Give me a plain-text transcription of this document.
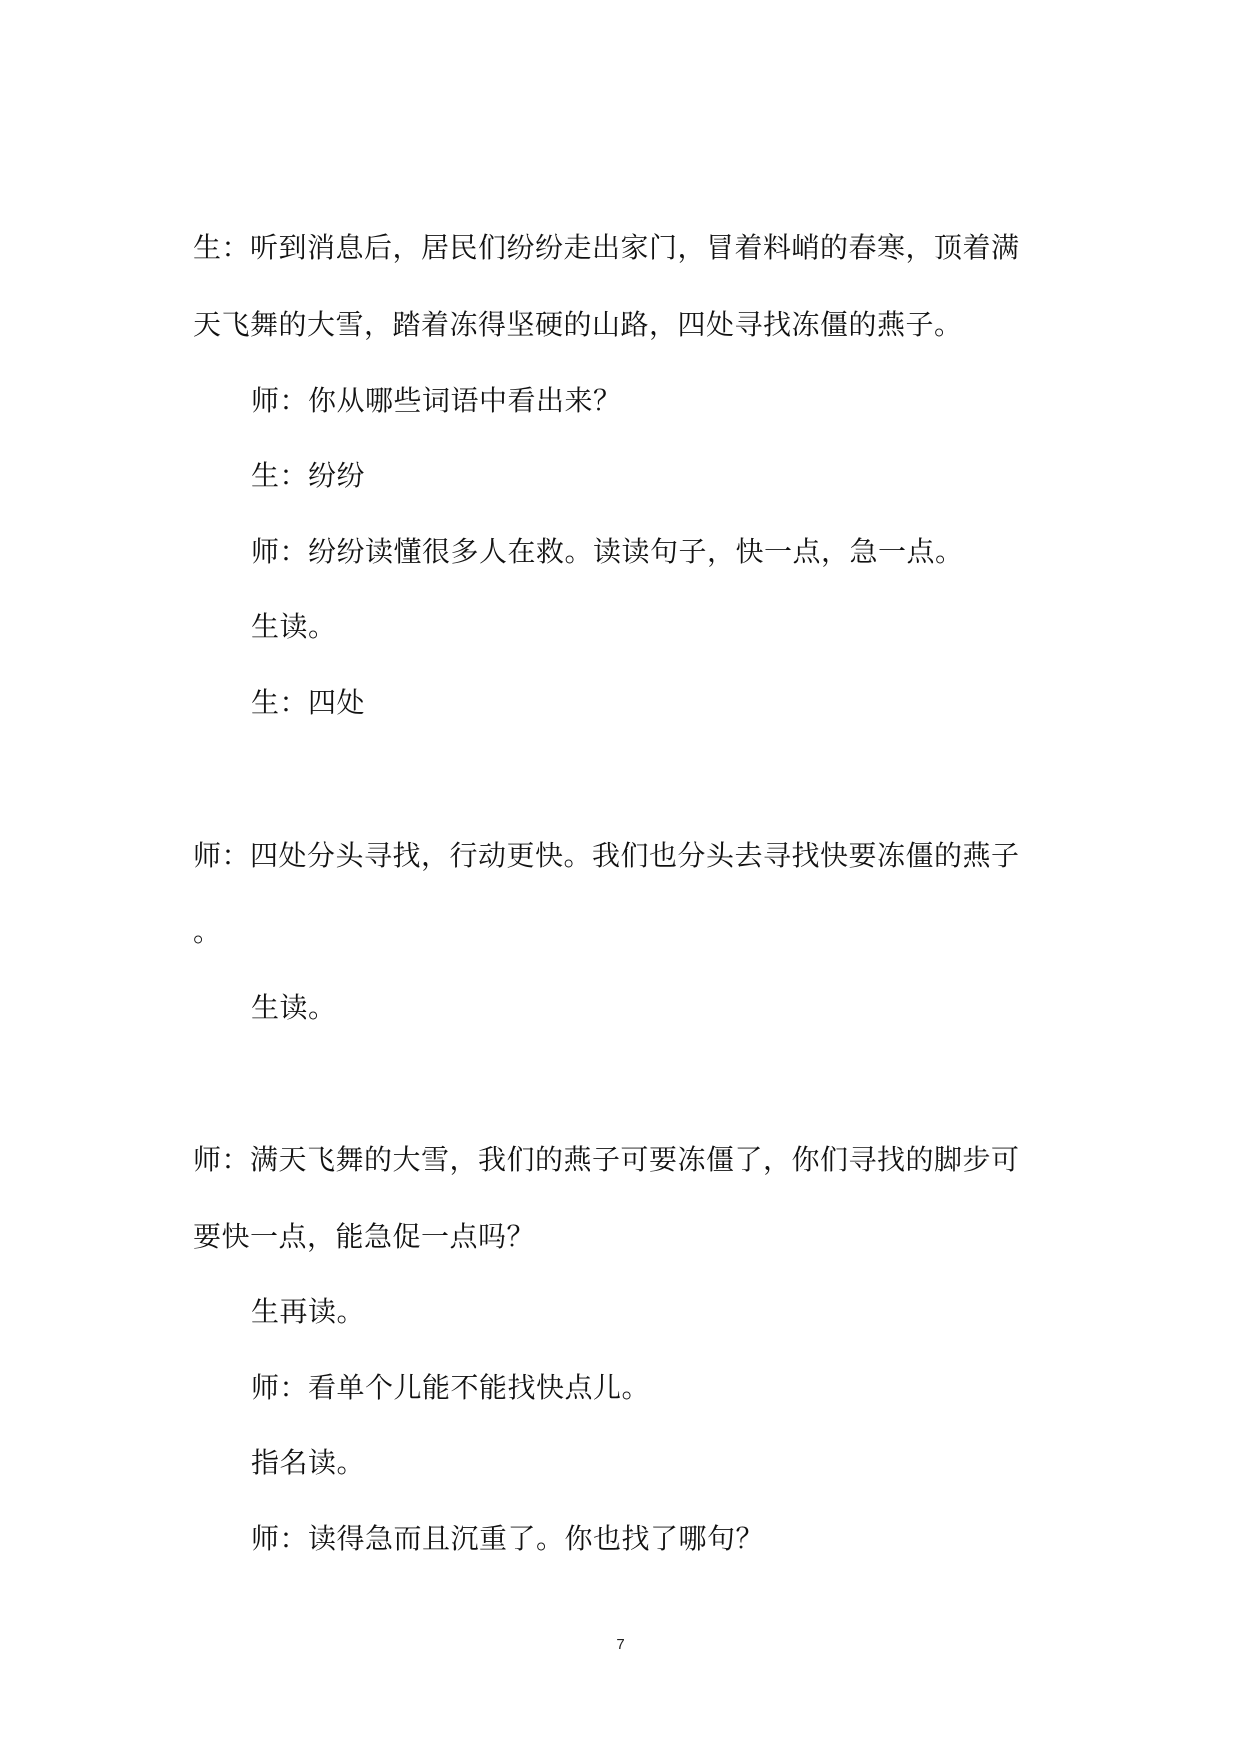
生：听到消息后，居民们纷纷走出家门，冒着料峭的春寒，顶着满
天飞舞的大雪，踏着冻得坚硬的山路，四处寻找冻僵的燕子。
师：你从哪些词语中看出来？
生：纷纷
师：纷纷读懂很多人在救。读读句子，快一点，急一点。
生读。
生：四处
师：四处分头寻找，行动更快。我们也分头去寻找快要冻僵的燕子
。
生读。
师：满天飞舞的大雪，我们的燕子可要冻僵了，你们寻找的脚步可
要快一点，能急促一点吗？
生再读。
师：看单个儿能不能找快点儿。
指名读。
师：读得急而且沉重了。你也找了哪句？
7
